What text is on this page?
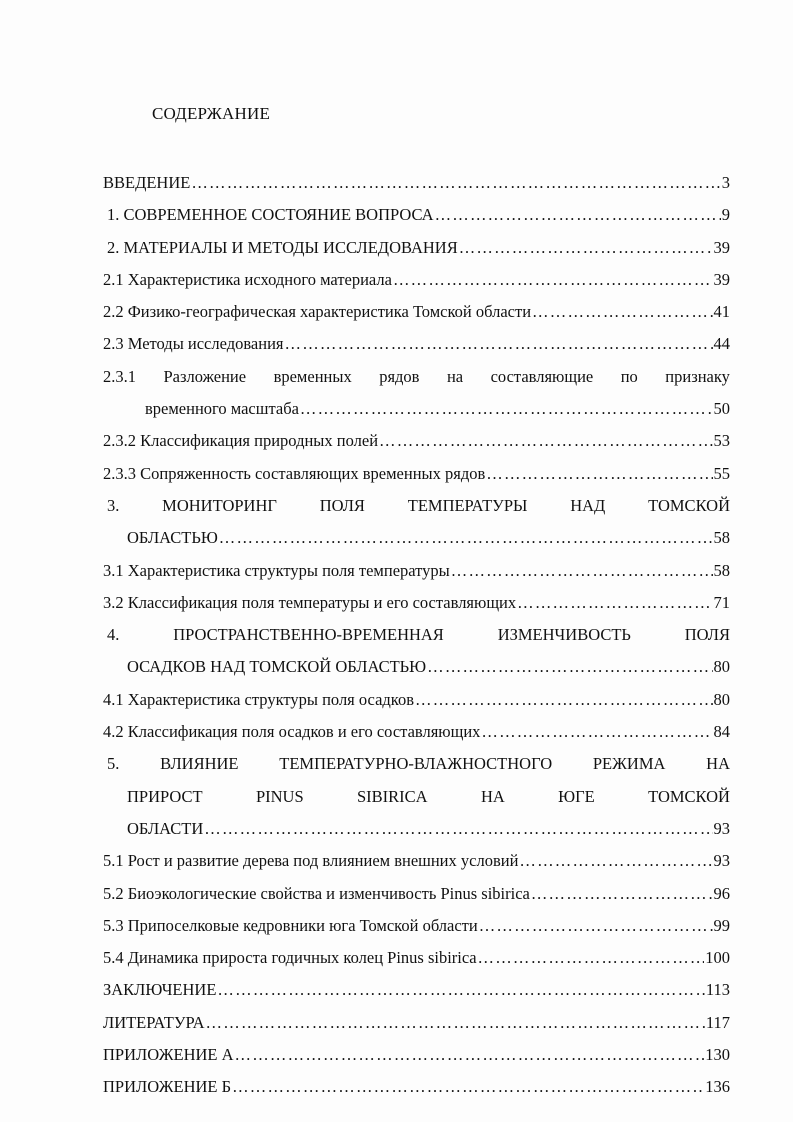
СОДЕРЖАНИЕ
ВВЕДЕНИЕ ……………………………………………………………………………………………………………………………………………………	3
1. СОВРЕМЕННОЕ СОСТОЯНИЕ ВОПРОСА ……………………………………………………………………………………………………………………………………………………	9
2. МАТЕРИАЛЫ И МЕТОДЫ ИССЛЕДОВАНИЯ ……………………………………………………………………………………………………………………………………………………	39
2.1 Характеристика исходного материала ……………………………………………………………………………………………………………………………………………………	39
2.2 Физико-географическая характеристика Томской области ……………………………………………………………………………………………………………………………………………………	41
2.3 Методы исследования ……………………………………………………………………………………………………………………………………………………	44
2.3.1 Разложение временных рядов на составляющие по признаку
временного масштаба ……………………………………………………………………………………………………………………………………………………	50
2.3.2 Классификация природных полей ……………………………………………………………………………………………………………………………………………………	53
2.3.3 Сопряженность составляющих временных рядов ……………………………………………………………………………………………………………………………………………………	55
3.	МОНИТОРИНГ	ПОЛЯ	ТЕМПЕРАТУРЫ	НАД	ТОМСКОЙ
ОБЛАСТЬЮ ……………………………………………………………………………………………………………………………………………………	58
3.1 Характеристика структуры поля температуры ……………………………………………………………………………………………………………………………………………………	58
3.2 Классификация поля температуры и его составляющих ……………………………………………………………………………………………………………………………………………………	71
4.	ПРОСТРАНСТВЕННО-ВРЕМЕННАЯ	ИЗМЕНЧИВОСТЬ	ПОЛЯ
ОСАДКОВ НАД ТОМСКОЙ ОБЛАСТЬЮ ……………………………………………………………………………………………………………………………………………………	80
4.1 Характеристика структуры поля осадков ……………………………………………………………………………………………………………………………………………………	80
4.2 Классификация поля осадков и его составляющих ……………………………………………………………………………………………………………………………………………………	84
5. ВЛИЯНИЕ ТЕМПЕРАТУРНО-ВЛАЖНОСТНОГО РЕЖИМА НА
ПРИРОСТ	PINUS	SIBIRICA	НА	ЮГЕ	ТОМСКОЙ
ОБЛАСТИ ……………………………………………………………………………………………………………………………………………………	93
5.1 Рост и развитие дерева под влиянием внешних условий ……………………………………………………………………………………………………………………………………………………	93
5.2 Биоэкологические свойства и изменчивость Pinus sibirica ……………………………………………………………………………………………………………………………………………………	96
5.3 Припоселковые кедровники юга Томской области ……………………………………………………………………………………………………………………………………………………	99
5.4 Динамика прироста годичных колец Pinus sibirica ……………………………………………………………………………………………………………………………………………………	100
ЗАКЛЮЧЕНИЕ ……………………………………………………………………………………………………………………………………………………	113
ЛИТЕРАТУРА ……………………………………………………………………………………………………………………………………………………	117
ПРИЛОЖЕНИЕ А ……………………………………………………………………………………………………………………………………………………	130
ПРИЛОЖЕНИЕ Б ……………………………………………………………………………………………………………………………………………………	136
